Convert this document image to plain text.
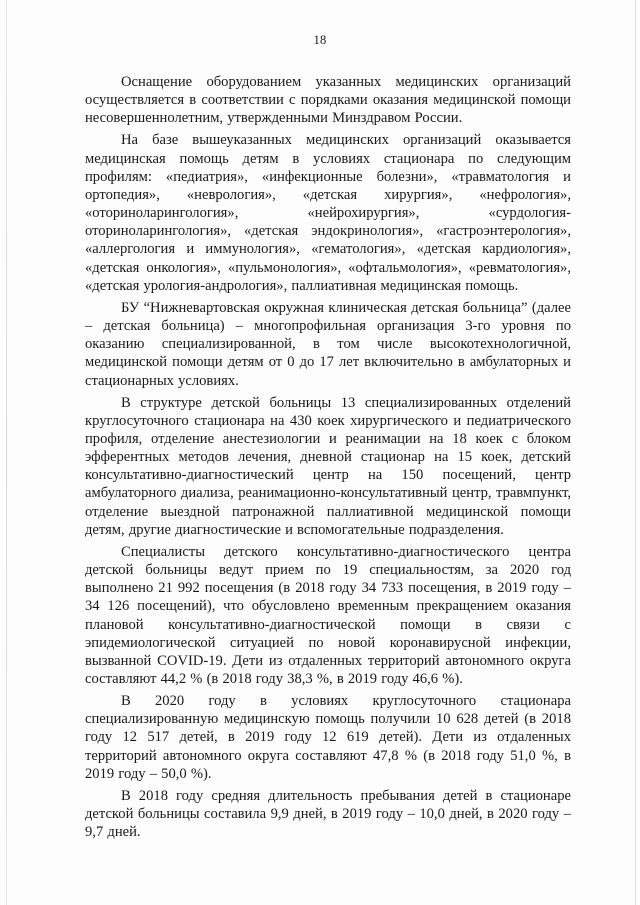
18

Оснащение оборудованием указанных медицинских организаций осуществляется в соответствии с порядками оказания медицинской помощи несовершеннолетним, утвержденными Минздравом России.

На базе вышеуказанных медицинских организаций оказывается медицинская помощь детям в условиях стационара по следующим профилям: «педиатрия», «инфекционные болезни», «травматология и ортопедия», «неврология», «детская хирургия», «нефрология», «оториноларингология», «нейрохирургия», «сурдология-оториноларингология», «детская эндокринология», «гастроэнтерология», «аллергология и иммунология», «гематология», «детская кардиология», «детская онкология», «пульмонология», «офтальмология», «ревматология», «детская урология-андрология», паллиативная медицинская помощь.

БУ “Нижневартовская окружная клиническая детская больница” (далее – детская больница) – многопрофильная организация 3-го уровня по оказанию специализированной, в том числе высокотехнологичной, медицинской помощи детям от 0 до 17 лет включительно в амбулаторных и стационарных условиях.

В структуре детской больницы 13 специализированных отделений круглосуточного стационара на 430 коек хирургического и педиатрического профиля, отделение анестезиологии и реанимации на 18 коек с блоком эфферентных методов лечения, дневной стационар на 15 коек, детский консультативно-диагностический центр на 150 посещений, центр амбулаторного диализа, реанимационно-консультативный центр, травмпункт, отделение выездной патронажной паллиативной медицинской помощи детям, другие диагностические и вспомогательные подразделения.

Специалисты детского консультативно-диагностического центра детской больницы ведут прием по 19 специальностям, за 2020 год выполнено 21 992 посещения (в 2018 году 34 733 посещения, в 2019 году – 34 126 посещений), что обусловлено временным прекращением оказания плановой консультативно-диагностической помощи в связи с эпидемиологической ситуацией по новой коронавирусной инфекции, вызванной COVID-19. Дети из отдаленных территорий автономного округа составляют 44,2 % (в 2018 году 38,3 %, в 2019 году 46,6 %).

В 2020 году в условиях круглосуточного стационара специализированную медицинскую помощь получили 10 628 детей (в 2018 году 12 517 детей, в 2019 году 12 619 детей). Дети из отдаленных территорий автономного округа составляют 47,8 % (в 2018 году 51,0 %, в 2019 году – 50,0 %).

В 2018 году средняя длительность пребывания детей в стационаре детской больницы составила 9,9 дней, в 2019 году – 10,0 дней, в 2020 году – 9,7 дней.
